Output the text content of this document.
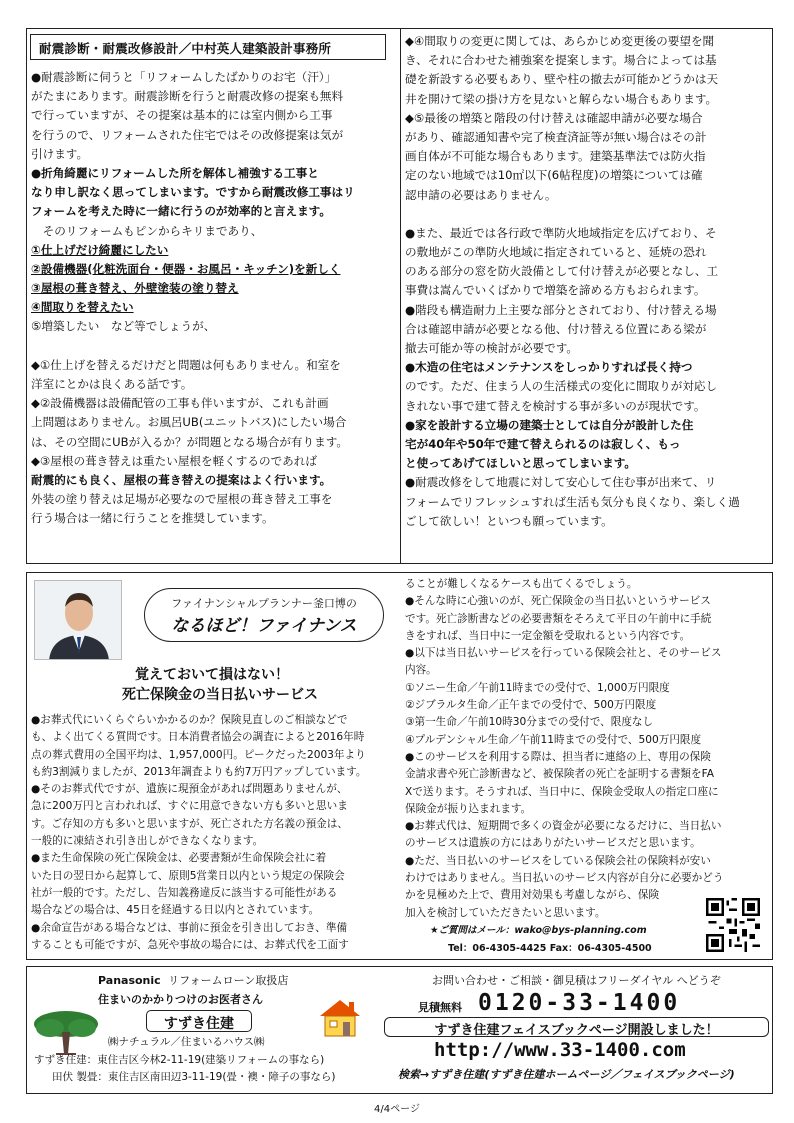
耐震診断・耐震改修設計／中村英人建築設計事務所
●耐震診断に伺うと「リフォームしたばかりのお宅（汗）」
がたまにあります。耐震診断を行うと耐震改修の提案も無料
で行っていますが、その提案は基本的には室内側から工事
を行うので、リフォームされた住宅ではその改修提案は気が
引けます。
●折角綺麗にリフォームした所を解体し補強する工事と
なり申し訳なく思ってしまいます。ですから耐震改修工事はリ
フォームを考えた時に一緒に行うのが効率的と言えます。
　そのリフォームもピンからキリまであり、
①仕上げだけ綺麗にしたい
②設備機器(化粧洗面台・便器・お風呂・キッチン)を新しく
③屋根の葺き替え、外壁塗装の塗り替え
④間取りを替えたい
⑤増築したい　など等でしょうが、
◆①仕上げを替えるだけだと問題は何もありません。和室を
洋室にとかは良くある話です。
◆②設備機器は設備配管の工事も伴いますが、これも計画
上問題はありません。お風呂UB(ユニットバス)にしたい場合
は、その空間にUBが入るか？が問題となる場合が有ります。
◆③屋根の葺き替えは重たい屋根を軽くするのであれば
耐震的にも良く、屋根の葺き替えの提案はよく行います。
外装の塗り替えは足場が必要なので屋根の葺き替え工事を
行う場合は一緒に行うことを推奨しています。
◆④間取りの変更に関しては、あらかじめ変更後の要望を聞
き、それに合わせた補強案を提案します。場合によっては基
礎を新設する必要もあり、壁や柱の撤去が可能かどうかは天
井を開けて梁の掛け方を見ないと解らない場合もあります。
◆⑤最後の増築と階段の付け替えは確認申請が必要な場合
があり、確認通知書や完了検査済証等が無い場合はその計
画自体が不可能な場合もあります。建築基準法では防火指
定のない地域では10㎡以下(6帖程度)の増築については確
認申請の必要はありません。
●また、最近では各行政で準防火地域指定を広げており、そ
の敷地がこの準防火地域に指定されていると、延焼の恐れ
のある部分の窓を防火設備として付け替えが必要となし、工
事費は嵩んでいくばかりで増築を諦める方もおられます。
●階段も構造耐力上主要な部分とされており、付け替える場
合は確認申請が必要となる他、付け替える位置にある梁が
撤去可能か等の検討が必要です。
●木造の住宅はメンテナンスをしっかりすれば長く持つ
のです。ただ、住まう人の生活様式の変化に間取りが対応し
きれない事で建て替えを検討する事が多いのが現状です。
●家を設計する立場の建築士としては自分が設計した住
宅が40年や50年で建て替えられるのは寂しく、もっ
と使ってあげてほしいと思ってしまいます。
●耐震改修をして地震に対して安心して住む事が出来て、リ
フォームでリフレッシュすれば生活も気分も良くなり、楽しく過
ごして欲しい！といつも願っています。
ファイナンシャルプランナー釜口博の
なるほど！ファイナンス
覚えておいて損はない！
死亡保険金の当日払いサービス
●お葬式代にいくらぐらいかかるのか？保険見直しのご相談などで
も、よく出てくる質問です。日本消費者協会の調査によると2016年時
点の葬式費用の全国平均は、1,957,000円。ピークだった2003年より
も約3割減りましたが、2013年調査よりも約7万円アップしています。
●そのお葬式代ですが、遺族に現預金があれば問題ありませんが、
急に200万円と言われれば、すぐに用意できない方も多いと思いま
す。ご存知の方も多いと思いますが、死亡された方名義の預金は、
一般的に凍結され引き出しができなくなります。
●また生命保険の死亡保険金は、必要書類が生命保険会社に着
いた日の翌日から起算して、原則5営業日以内という規定の保険会
社が一般的です。ただし、告知義務違反に該当する可能性がある
場合などの場合は、45日を経過する日以内とされています。
●余命宣告がある場合などは、事前に預金を引き出しておき、準備
することも可能ですが、急死や事故の場合には、お葬式代を工面す
ることが難しくなるケースも出てくるでしょう。
●そんな時に心強いのが、死亡保険金の当日払いというサービス
です。死亡診断書などの必要書類をそろえて平日の午前中に手続
きをすれば、当日中に一定金額を受取れるという内容です。
●以下は当日払いサービスを行っている保険会社と、そのサービス
内容。
①ソニー生命／午前11時までの受付で、1,000万円限度
②ジブラルタ生命／正午までの受付で、500万円限度
③第一生命／午前10時30分までの受付で、限度なし
④プルデンシャル生命／午前11時までの受付で、500万円限度
●このサービスを利用する際は、担当者に連絡の上、専用の保険
金請求書や死亡診断書など、被保険者の死亡を証明する書類をFA
Xで送ります。そうすれば、当日中に、保険金受取人の指定口座に
保険金が振り込まれます。
●お葬式代は、短期間で多くの資金が必要になるだけに、当日払い
のサービスは遺族の方にはありがたいサービスだと思います。
●ただ、当日払いのサービスをしている保険会社の保険料が安い
わけではありません。当日払いのサービス内容が自分に必要かどう
かを見極めた上で、費用対効果も考慮しながら、保険
加入を検討していただきたいと思います。
★ご質問はメール：wako@bys-planning.com
Tel：06-4305-4425 Fax：06-4305-4500
Panasonic リフォームローン取扱店
住まいのかかりつけのお医者さん
すずき住建
㈱ナチュラル／住まいるハウス㈱
すずき住建：東住吉区今林2-11-19(建築リフォームの事なら)
田伏 製畳：東住吉区南田辺3-11-19(畳・襖・障子の事なら)
お問い合わせ・ご相談・御見積はフリーダイヤル へどうぞ
見積無料 0120-33-1400
すずき住建フェイスブックページ開設しました！
http://www.33-1400.com
検索→すずき住建(すずき住建ホームページ／フェイスブックページ)
4/4ページ
